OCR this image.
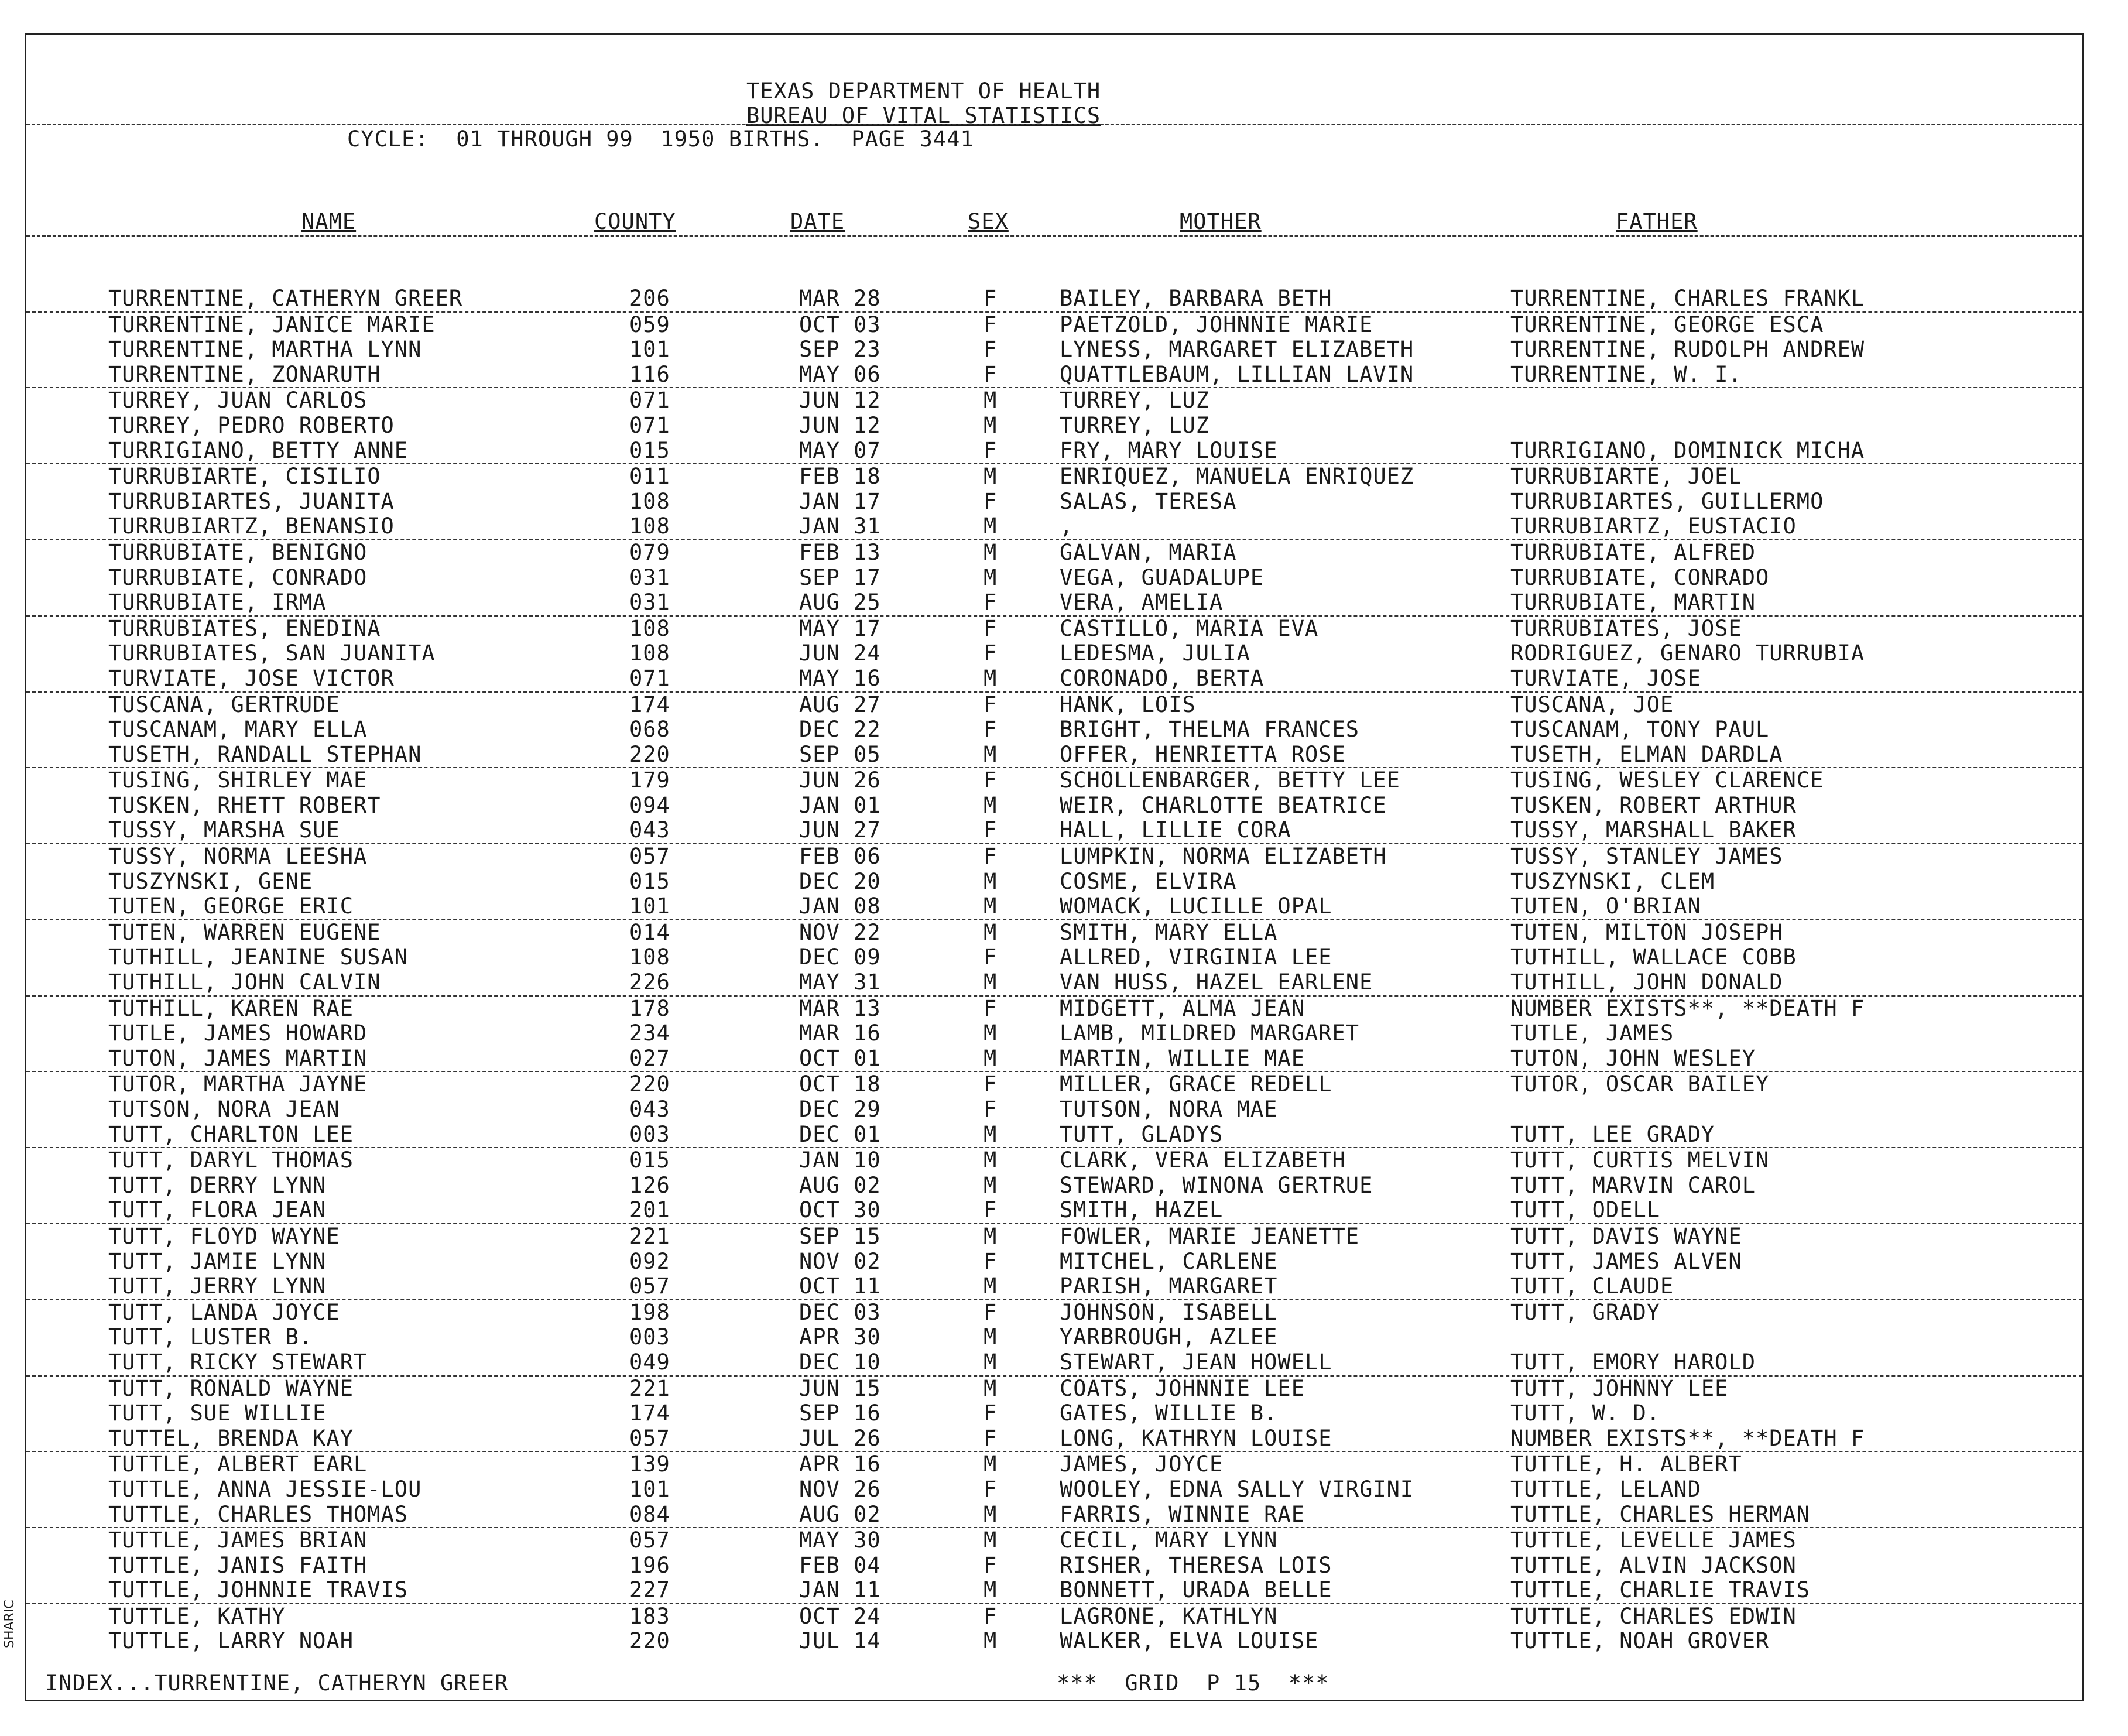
TEXAS DEPARTMENT OF HEALTH
BUREAU OF VITAL STATISTICS
CYCLE:  01 THROUGH 99  1950 BIRTHS.  PAGE 3441
NAME	COUNTY	DATE	SEX	MOTHER	FATHER
TURRENTINE, CATHERYN GREER	206	MAR 28	F	BAILEY, BARBARA BETH	TURRENTINE, CHARLES FRANKL
TURRENTINE, JANICE MARIE	059	OCT 03	F	PAETZOLD, JOHNNIE MARIE	TURRENTINE, GEORGE ESCA
TURRENTINE, MARTHA LYNN	101	SEP 23	F	LYNESS, MARGARET ELIZABETH	TURRENTINE, RUDOLPH ANDREW
TURRENTINE, ZONARUTH	116	MAY 06	F	QUATTLEBAUM, LILLIAN LAVIN	TURRENTINE, W. I.
TURREY, JUAN CARLOS	071	JUN 12	M	TURREY, LUZ
TURREY, PEDRO ROBERTO	071	JUN 12	M	TURREY, LUZ
TURRIGIANO, BETTY ANNE	015	MAY 07	F	FRY, MARY LOUISE	TURRIGIANO, DOMINICK MICHA
TURRUBIARTE, CISILIO	011	FEB 18	M	ENRIQUEZ, MANUELA ENRIQUEZ	TURRUBIARTE, JOEL
TURRUBIARTES, JUANITA	108	JAN 17	F	SALAS, TERESA	TURRUBIARTES, GUILLERMO
TURRUBIARTZ, BENANSIO	108	JAN 31	M	,	TURRUBIARTZ, EUSTACIO
TURRUBIATE, BENIGNO	079	FEB 13	M	GALVAN, MARIA	TURRUBIATE, ALFRED
TURRUBIATE, CONRADO	031	SEP 17	M	VEGA, GUADALUPE	TURRUBIATE, CONRADO
TURRUBIATE, IRMA	031	AUG 25	F	VERA, AMELIA	TURRUBIATE, MARTIN
TURRUBIATES, ENEDINA	108	MAY 17	F	CASTILLO, MARIA EVA	TURRUBIATES, JOSE
TURRUBIATES, SAN JUANITA	108	JUN 24	F	LEDESMA, JULIA	RODRIGUEZ, GENARO TURRUBIA
TURVIATE, JOSE VICTOR	071	MAY 16	M	CORONADO, BERTA	TURVIATE, JOSE
TUSCANA, GERTRUDE	174	AUG 27	F	HANK, LOIS	TUSCANA, JOE
TUSCANAM, MARY ELLA	068	DEC 22	F	BRIGHT, THELMA FRANCES	TUSCANAM, TONY PAUL
TUSETH, RANDALL STEPHAN	220	SEP 05	M	OFFER, HENRIETTA ROSE	TUSETH, ELMAN DARDLA
TUSING, SHIRLEY MAE	179	JUN 26	F	SCHOLLENBARGER, BETTY LEE	TUSING, WESLEY CLARENCE
TUSKEN, RHETT ROBERT	094	JAN 01	M	WEIR, CHARLOTTE BEATRICE	TUSKEN, ROBERT ARTHUR
TUSSY, MARSHA SUE	043	JUN 27	F	HALL, LILLIE CORA	TUSSY, MARSHALL BAKER
TUSSY, NORMA LEESHA	057	FEB 06	F	LUMPKIN, NORMA ELIZABETH	TUSSY, STANLEY JAMES
TUSZYNSKI, GENE	015	DEC 20	M	COSME, ELVIRA	TUSZYNSKI, CLEM
TUTEN, GEORGE ERIC	101	JAN 08	M	WOMACK, LUCILLE OPAL	TUTEN, O'BRIAN
TUTEN, WARREN EUGENE	014	NOV 22	M	SMITH, MARY ELLA	TUTEN, MILTON JOSEPH
TUTHILL, JEANINE SUSAN	108	DEC 09	F	ALLRED, VIRGINIA LEE	TUTHILL, WALLACE COBB
TUTHILL, JOHN CALVIN	226	MAY 31	M	VAN HUSS, HAZEL EARLENE	TUTHILL, JOHN DONALD
TUTHILL, KAREN RAE	178	MAR 13	F	MIDGETT, ALMA JEAN	NUMBER EXISTS**, **DEATH F
TUTLE, JAMES HOWARD	234	MAR 16	M	LAMB, MILDRED MARGARET	TUTLE, JAMES
TUTON, JAMES MARTIN	027	OCT 01	M	MARTIN, WILLIE MAE	TUTON, JOHN WESLEY
TUTOR, MARTHA JAYNE	220	OCT 18	F	MILLER, GRACE REDELL	TUTOR, OSCAR BAILEY
TUTSON, NORA JEAN	043	DEC 29	F	TUTSON, NORA MAE
TUTT, CHARLTON LEE	003	DEC 01	M	TUTT, GLADYS	TUTT, LEE GRADY
TUTT, DARYL THOMAS	015	JAN 10	M	CLARK, VERA ELIZABETH	TUTT, CURTIS MELVIN
TUTT, DERRY LYNN	126	AUG 02	M	STEWARD, WINONA GERTRUE	TUTT, MARVIN CAROL
TUTT, FLORA JEAN	201	OCT 30	F	SMITH, HAZEL	TUTT, ODELL
TUTT, FLOYD WAYNE	221	SEP 15	M	FOWLER, MARIE JEANETTE	TUTT, DAVIS WAYNE
TUTT, JAMIE LYNN	092	NOV 02	F	MITCHEL, CARLENE	TUTT, JAMES ALVEN
TUTT, JERRY LYNN	057	OCT 11	M	PARISH, MARGARET	TUTT, CLAUDE
TUTT, LANDA JOYCE	198	DEC 03	F	JOHNSON, ISABELL	TUTT, GRADY
TUTT, LUSTER B.	003	APR 30	M	YARBROUGH, AZLEE
TUTT, RICKY STEWART	049	DEC 10	M	STEWART, JEAN HOWELL	TUTT, EMORY HAROLD
TUTT, RONALD WAYNE	221	JUN 15	M	COATS, JOHNNIE LEE	TUTT, JOHNNY LEE
TUTT, SUE WILLIE	174	SEP 16	F	GATES, WILLIE B.	TUTT, W. D.
TUTTEL, BRENDA KAY	057	JUL 26	F	LONG, KATHRYN LOUISE	NUMBER EXISTS**, **DEATH F
TUTTLE, ALBERT EARL	139	APR 16	M	JAMES, JOYCE	TUTTLE, H. ALBERT
TUTTLE, ANNA JESSIE-LOU	101	NOV 26	F	WOOLEY, EDNA SALLY VIRGINI	TUTTLE, LELAND
TUTTLE, CHARLES THOMAS	084	AUG 02	M	FARRIS, WINNIE RAE	TUTTLE, CHARLES HERMAN
TUTTLE, JAMES BRIAN	057	MAY 30	M	CECIL, MARY LYNN	TUTTLE, LEVELLE JAMES
TUTTLE, JANIS FAITH	196	FEB 04	F	RISHER, THERESA LOIS	TUTTLE, ALVIN JACKSON
TUTTLE, JOHNNIE TRAVIS	227	JAN 11	M	BONNETT, URADA BELLE	TUTTLE, CHARLIE TRAVIS
TUTTLE, KATHY	183	OCT 24	F	LAGRONE, KATHLYN	TUTTLE, CHARLES EDWIN
TUTTLE, LARRY NOAH	220	JUL 14	M	WALKER, ELVA LOUISE	TUTTLE, NOAH GROVER
INDEX...TURRENTINE, CATHERYN GREER	***  GRID  P 15  ***
SHARIC
